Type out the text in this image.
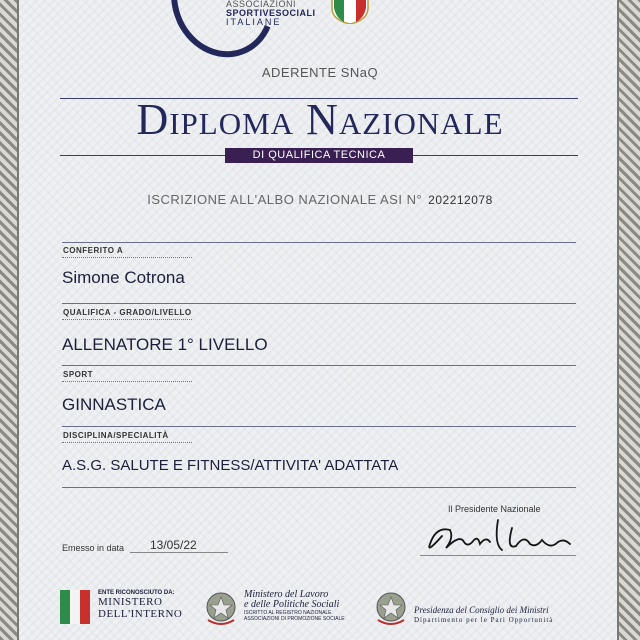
ASSOCIAZIONI
SPORTIVESOCIALI
ITALIANE
ADERENTE SNaQ
Diploma Nazionale
DI QUALIFICA TECNICA
ISCRIZIONE ALL'ALBO NAZIONALE ASI N° 202212078
CONFERITO A
Simone Cotrona
QUALIFICA - GRADO/LIVELLO
ALLENATORE 1° LIVELLO
SPORT
GINNASTICA
DISCIPLINA/SPECIALITÀ
A.S.G. SALUTE E FITNESS/ATTIVITA' ADATTATA
Il Presidente Nazionale
Emesso in data 13/05/22
ENTE RICONOSCIUTO DA:
MINISTERO
DELL'INTERNO
Ministero del Lavoro
e delle Politiche Sociali
ISCRITTO AL REGISTRO NAZIONALE
ASSOCIAZIONI DI PROMOZIONE SOCIALE
Presidenza del Consiglio dei Ministri
Dipartimento per le Pari Opportunità
